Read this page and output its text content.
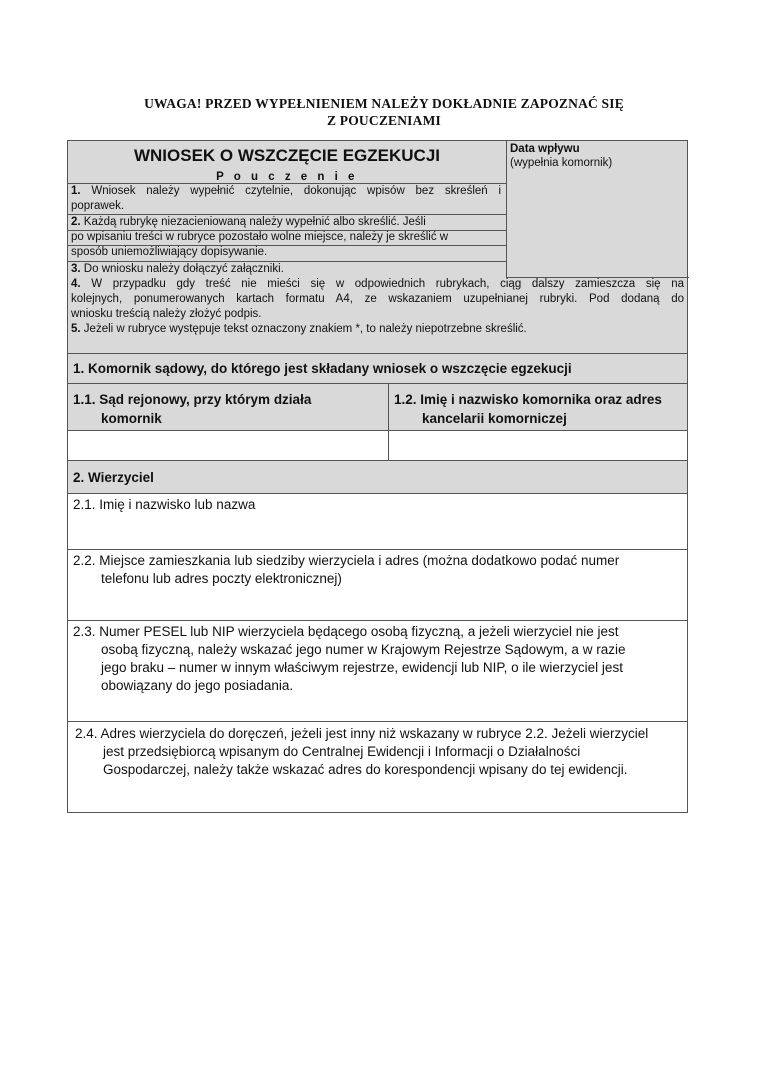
UWAGA! PRZED WYPEŁNIENIEM NALEŻY DOKŁADNIE ZAPOZNAĆ SIĘ
Z POUCZENIAMI
WNIOSEK O WSZCZĘCIE EGZEKUCJI	Data wpływu
(wypełnia komornik)
P o u c z e n i e
1. Wniosek należy wypełnić czytelnie, dokonując wpisów bez skreśleń i
poprawek.
2. Każdą rubrykę niezacieniowaną należy wypełnić albo skreślić. Jeśli
po wpisaniu treści w rubryce pozostało wolne miejsce, należy je skreślić w
sposób uniemożliwiający dopisywanie.
3. Do wniosku należy dołączyć załączniki.
4. W przypadku gdy treść nie mieści się w odpowiednich rubrykach, ciąg dalszy zamieszcza się na
kolejnych, ponumerowanych kartach formatu A4, ze wskazaniem uzupełnianej rubryki. Pod dodaną do
wniosku treścią należy złożyć podpis.
5. Jeżeli w rubryce występuje tekst oznaczony znakiem *, to należy niepotrzebne skreślić.
1. Komornik sądowy, do którego jest składany wniosek o wszczęcie egzekucji
1.1. Sąd rejonowy, przy którym działa
komornik
1.2. Imię i nazwisko komornika oraz adres
kancelarii komorniczej
2. Wierzyciel
2.1. Imię i nazwisko lub nazwa
2.2. Miejsce zamieszkania lub siedziby wierzyciela i adres (można dodatkowo podać numer
telefonu lub adres poczty elektronicznej)
2.3. Numer PESEL lub NIP wierzyciela będącego osobą fizyczną, a jeżeli wierzyciel nie jest
osobą fizyczną, należy wskazać jego numer w Krajowym Rejestrze Sądowym, a w razie
jego braku – numer w innym właściwym rejestrze, ewidencji lub NIP, o ile wierzyciel jest
obowiązany do jego posiadania.
2.4. Adres wierzyciela do doręczeń, jeżeli jest inny niż wskazany w rubryce 2.2. Jeżeli wierzyciel
jest przedsiębiorcą wpisanym do Centralnej Ewidencji i Informacji o Działalności
Gospodarczej, należy także wskazać adres do korespondencji wpisany do tej ewidencji.
